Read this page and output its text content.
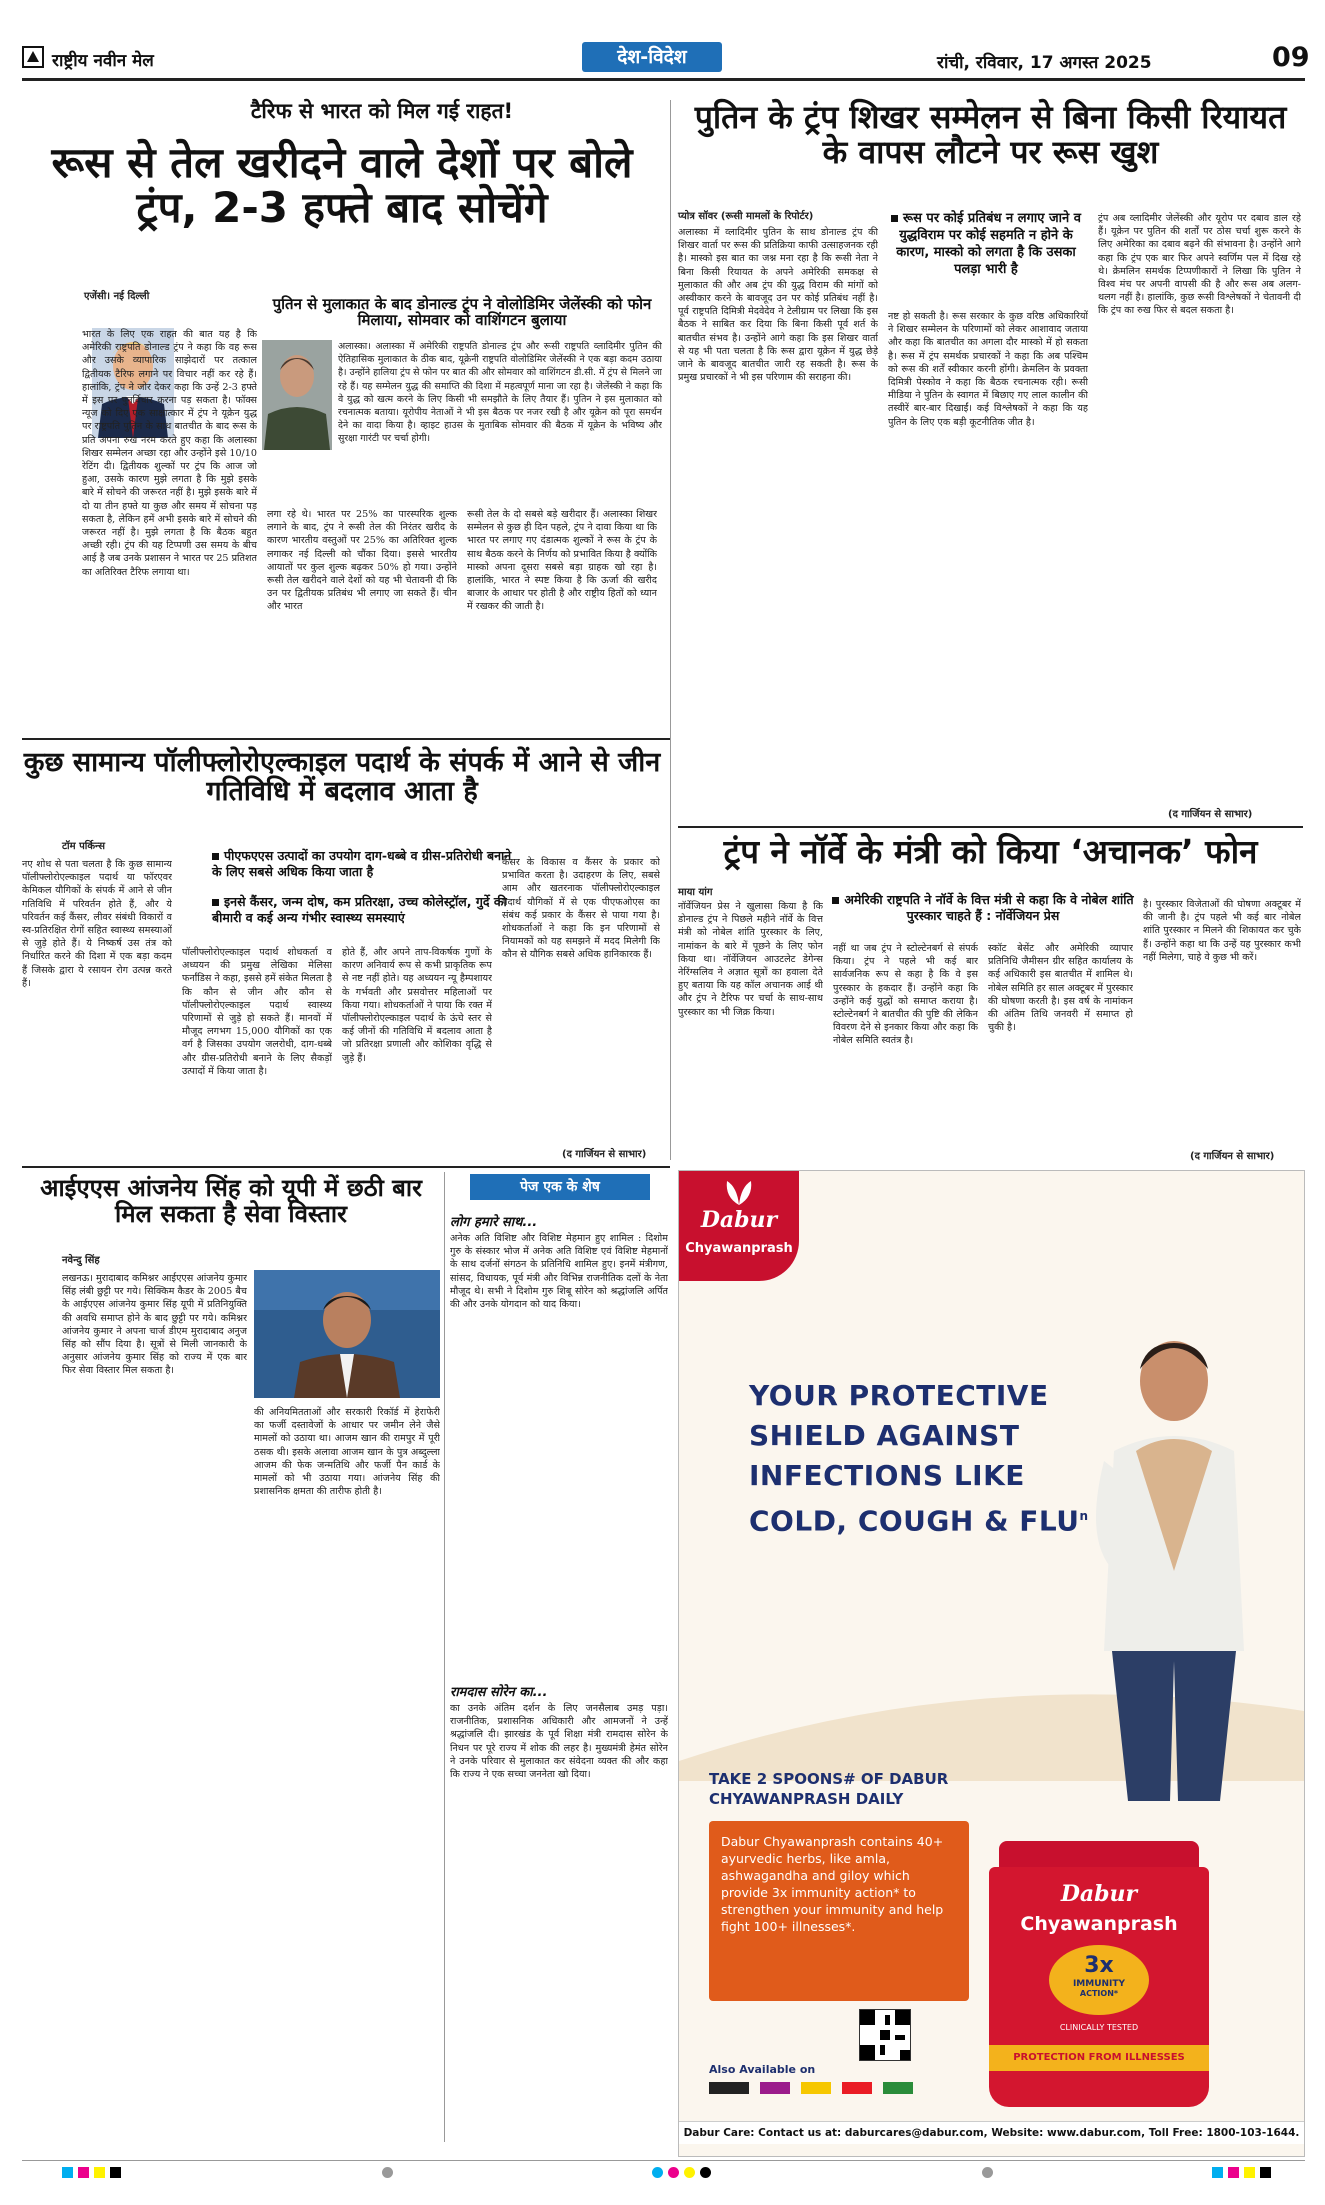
राष्ट्रीय नवीन मेल	देश-विदेश	रांची, रविवार, 17 अगस्त 2025	09
टैरिफ से भारत को मिल गई राहत!
रूस से तेल खरीदने वाले देशों पर बोले ट्रंप, 2-3 हफ्ते बाद सोचेंगे
एजेंसी। नई दिल्ली
भारत के लिए एक राहत की बात यह है कि अमेरिकी राष्ट्रपति डोनाल्ड ट्रंप ने कहा कि वह रूस और उसके व्यापारिक साझेदारों पर तत्काल द्वितीयक टैरिफ लगाने पर विचार नहीं कर रहे हैं। हालांकि, ट्रंप ने जोर देकर कहा कि उन्हें 2-3 हफ्ते में इस पर पुनर्विचार करना पड़ सकता है। फॉक्स न्यूज को दिए एक साक्षात्कार में ट्रंप ने यूक्रेन युद्ध पर राष्ट्रपति पुतिन के साथ बातचीत के बाद रूस के प्रति अपना रुख नरम करते हुए कहा कि अलास्का शिखर सम्मेलन अच्छा रहा और उन्होंने इसे 10/10 रेटिंग दी। द्वितीयक शुल्कों पर ट्रंप कि आज जो हुआ, उसके कारण मुझे लगता है कि मुझे इसके बारे में सोचने की जरूरत नहीं है। मुझे इसके बारे में दो या तीन हफ्ते या कुछ और समय में सोचना पड़ सकता है, लेकिन हमें अभी इसके बारे में सोचने की जरूरत नहीं है। मुझे लगता है कि बैठक बहुत अच्छी रही। ट्रंप की यह टिप्पणी उस समय के बीच आई है जब उनके प्रशासन ने भारत पर 25 प्रतिशत का अतिरिक्त टैरिफ लगाया था।
पुतिन से मुलाकात के बाद डोनाल्ड ट्रंप ने वोलोडिमिर जेलेंस्की को फोन मिलाया, सोमवार को वाशिंगटन बुलाया
अलास्का। अलास्का में अमेरिकी राष्ट्रपति डोनाल्ड ट्रंप और रूसी राष्ट्रपति व्लादिमीर पुतिन की ऐतिहासिक मुलाकात के ठीक बाद, यूक्रेनी राष्ट्रपति वोलोडिमिर जेलेंस्की ने एक बड़ा कदम उठाया है। उन्होंने हालिया ट्रंप से फोन पर बात की और सोमवार को वाशिंगटन डी.सी. में ट्रंप से मिलने जा रहे हैं। यह सम्मेलन युद्ध की समाप्ति की दिशा में महत्वपूर्ण माना जा रहा है। जेलेंस्की ने कहा कि वे युद्ध को खत्म करने के लिए किसी भी समझौते के लिए तैयार हैं। पुतिन ने इस मुलाकात को रचनात्मक बताया। यूरोपीय नेताओं ने भी इस बैठक पर नजर रखी है और यूक्रेन को पूरा समर्थन देने का वादा किया है। व्हाइट हाउस के मुताबिक सोमवार की बैठक में यूक्रेन के भविष्य और सुरक्षा गारंटी पर चर्चा होगी।
लगा रहे थे। भारत पर 25% का पारस्परिक शुल्क लगाने के बाद, ट्रंप ने रूसी तेल की निरंतर खरीद के कारण भारतीय वस्तुओं पर 25% का अतिरिक्त शुल्क लगाकर नई दिल्ली को चौंका दिया। इससे भारतीय आयातों पर कुल शुल्क बढ़कर 50% हो गया। उन्होंने रूसी तेल खरीदने वाले देशों को यह भी चेतावनी दी कि उन पर द्वितीयक प्रतिबंध भी लगाए जा सकते हैं। चीन और भारत
रूसी तेल के दो सबसे बड़े खरीदार हैं। अलास्का शिखर सम्मेलन से कुछ ही दिन पहले, ट्रंप ने दावा किया था कि भारत पर लगाए गए दंडात्मक शुल्कों ने रूस के ट्रंप के साथ बैठक करने के निर्णय को प्रभावित किया है क्योंकि मास्को अपना दूसरा सबसे बड़ा ग्राहक खो रहा है। हालांकि, भारत ने स्पष्ट किया है कि ऊर्जा की खरीद बाजार के आधार पर होती है और राष्ट्रीय हितों को ध्यान में रखकर की जाती है।
पुतिन के ट्रंप शिखर सम्मेलन से बिना किसी रियायत के वापस लौटने पर रूस खुश
प्योत्र सॉवर (रूसी मामलों के रिपोर्टर)
अलास्का में व्लादिमीर पुतिन के साथ डोनाल्ड ट्रंप की शिखर वार्ता पर रूस की प्रतिक्रिया काफी उत्साहजनक रही है। मास्को इस बात का जश्न मना रहा है कि रूसी नेता ने बिना किसी रियायत के अपने अमेरिकी समकक्ष से मुलाकात की और अब ट्रंप की युद्ध विराम की मांगों को अस्वीकार करने के बावजूद उन पर कोई प्रतिबंध नहीं है। पूर्व राष्ट्रपति दिमित्री मेदवेदेव ने टेलीग्राम पर लिखा कि इस बैठक ने साबित कर दिया कि बिना किसी पूर्व शर्त के बातचीत संभव है। उन्होंने आगे कहा कि इस शिखर वार्ता से यह भी पता चलता है कि रूस द्वारा यूक्रेन में युद्ध छेड़े जाने के बावजूद बातचीत जारी रह सकती है। रूस के प्रमुख प्रचारकों ने भी इस परिणाम की सराहना की।
रूस पर कोई प्रतिबंध न लगाए जाने व युद्धविराम पर कोई सहमति न होने के कारण, मास्को को लगता है कि उसका पलड़ा भारी है
नष्ट हो सकती है। रूस सरकार के कुछ वरिष्ठ अधिकारियों ने शिखर सम्मेलन के परिणामों को लेकर आशावाद जताया और कहा कि बातचीत का अगला दौर मास्को में हो सकता है। रूस में ट्रंप समर्थक प्रचारकों ने कहा कि अब पश्चिम को रूस की शर्तें स्वीकार करनी होंगी। क्रेमलिन के प्रवक्ता दिमित्री पेस्कोव ने कहा कि बैठक रचनात्मक रही। रूसी मीडिया ने पुतिन के स्वागत में बिछाए गए लाल कालीन की तस्वीरें बार-बार दिखाईं। कई विश्लेषकों ने कहा कि यह पुतिन के लिए एक बड़ी कूटनीतिक जीत है।
ट्रंप अब व्लादिमीर जेलेंस्की और यूरोप पर दबाव डाल रहे हैं। यूक्रेन पर पुतिन की शर्तों पर ठोस चर्चा शुरू करने के लिए अमेरिका का दबाव बढ़ने की संभावना है। उन्होंने आगे कहा कि ट्रंप एक बार फिर अपने स्वर्णिम पल में दिख रहे थे। क्रेमलिन समर्थक टिप्पणीकारों ने लिखा कि पुतिन ने विश्व मंच पर अपनी वापसी की है और रूस अब अलग-थलग नहीं है। हालांकि, कुछ रूसी विश्लेषकों ने चेतावनी दी कि ट्रंप का रुख फिर से बदल सकता है।
(द गार्जियन से साभार)
कुछ सामान्य पॉलीफ्लोरोएल्काइल पदार्थ के संपर्क में आने से जीन गतिविधि में बदलाव आता है
टॉम पर्किन्स
पीएफएएस उत्पादों का उपयोग दाग-धब्बे व ग्रीस-प्रतिरोधी बनाने के लिए सबसे अधिक किया जाता है
इनसे कैंसर, जन्म दोष, कम प्रतिरक्षा, उच्च कोलेस्ट्रॉल, गुर्दे की बीमारी व कई अन्य गंभीर स्वास्थ्य समस्याएं
नए शोध से पता चलता है कि कुछ सामान्य पॉलीफ्लोरोएल्काइल पदार्थ या फॉरएवर केमिकल यौगिकों के संपर्क में आने से जीन गतिविधि में परिवर्तन होते हैं, और ये परिवर्तन कई कैंसर, लीवर संबंधी विकारों व स्व-प्रतिरक्षित रोगों सहित स्वास्थ्य समस्याओं से जुड़े होते हैं। ये निष्कर्ष उस तंत्र को निर्धारित करने की दिशा में एक बड़ा कदम हैं जिसके द्वारा ये रसायन रोग उत्पन्न करते हैं।
पॉलीफ्लोरोएल्काइल पदार्थ शोधकर्ता व अध्ययन की प्रमुख लेखिका मेलिसा फर्नांडिस ने कहा, इससे हमें संकेत मिलता है कि कौन से जीन और कौन से पॉलीफ्लोरोएल्काइल पदार्थ स्वास्थ्य परिणामों से जुड़े हो सकते हैं। मानवों में मौजूद लगभग 15,000 यौगिकों का एक वर्ग है जिसका उपयोग जलरोधी, दाग-धब्बे और ग्रीस-प्रतिरोधी बनाने के लिए सैकड़ों उत्पादों में किया जाता है।
होते हैं, और अपने ताप-विकर्षक गुणों के कारण अनिवार्य रूप से कभी प्राकृतिक रूप से नष्ट नहीं होते। यह अध्ययन न्यू हैम्पशायर के गर्भवती और प्रसवोत्तर महिलाओं पर किया गया। शोधकर्ताओं ने पाया कि रक्त में पॉलीफ्लोरोएल्काइल पदार्थ के ऊंचे स्तर से कई जीनों की गतिविधि में बदलाव आता है जो प्रतिरक्षा प्रणाली और कोशिका वृद्धि से जुड़े हैं।
कैंसर के विकास व कैंसर के प्रकार को प्रभावित करता है। उदाहरण के लिए, सबसे आम और खतरनाक पॉलीफ्लोरोएल्काइल पदार्थ यौगिकों में से एक पीएफओएस का संबंध कई प्रकार के कैंसर से पाया गया है। शोधकर्ताओं ने कहा कि इन परिणामों से नियामकों को यह समझने में मदद मिलेगी कि कौन से यौगिक सबसे अधिक हानिकारक हैं।
(द गार्जियन से साभार)
ट्रंप ने नॉर्वे के मंत्री को किया ‘अचानक’ फोन
माया यांग	अमेरिकी राष्ट्रपति ने नॉर्वे के वित्त मंत्री से कहा कि वे नोबेल शांति पुरस्कार चाहते हैं : नॉर्वेजियन प्रेस
नॉर्वेजियन प्रेस ने खुलासा किया है कि डोनाल्ड ट्रंप ने पिछले महीने नॉर्वे के वित्त मंत्री को नोबेल शांति पुरस्कार के लिए, नामांकन के बारे में पूछने के लिए फोन किया था। नॉर्वेजियन आउटलेट डेगेन्स नेरिंग्सलिव ने अज्ञात सूत्रों का हवाला देते हुए बताया कि यह कॉल अचानक आई थी और ट्रंप ने टैरिफ पर चर्चा के साथ-साथ पुरस्कार का भी जिक्र किया।
नहीं था जब ट्रंप ने स्टोल्टेनबर्ग से संपर्क किया। ट्रंप ने पहले भी कई बार सार्वजनिक रूप से कहा है कि वे इस पुरस्कार के हकदार हैं। उन्होंने कहा कि उन्होंने कई युद्धों को समाप्त कराया है। स्टोल्टेनबर्ग ने बातचीत की पुष्टि की लेकिन विवरण देने से इनकार किया और कहा कि नोबेल समिति स्वतंत्र है।
स्कॉट बेसेंट और अमेरिकी व्यापार प्रतिनिधि जैमीसन ग्रीर सहित कार्यालय के कई अधिकारी इस बातचीत में शामिल थे। नोबेल समिति हर साल अक्टूबर में पुरस्कार की घोषणा करती है। इस वर्ष के नामांकन की अंतिम तिथि जनवरी में समाप्त हो चुकी है।
है। पुरस्कार विजेताओं की घोषणा अक्टूबर में की जानी है। ट्रंप पहले भी कई बार नोबेल शांति पुरस्कार न मिलने की शिकायत कर चुके हैं। उन्होंने कहा था कि उन्हें यह पुरस्कार कभी नहीं मिलेगा, चाहे वे कुछ भी करें।
(द गार्जियन से साभार)
आईएएस आंजनेय सिंह को यूपी में छठी बार मिल सकता है सेवा विस्तार
नवेन्दु सिंह
लखनऊ। मुरादाबाद कमिश्नर आईएएस आंजनेय कुमार सिंह लंबी छुट्टी पर गये। सिक्किम कैडर के 2005 बैच के आईएएस आंजनेय कुमार सिंह यूपी में प्रतिनियुक्ति की अवधि समाप्त होने के बाद छुट्टी पर गये। कमिश्नर आंजनेय कुमार ने अपना चार्ज डीएम मुरादाबाद अनुज सिंह को सौंप दिया है। सूत्रों से मिली जानकारी के अनुसार आंजनेय कुमार सिंह को राज्य में एक बार फिर सेवा विस्तार मिल सकता है।
की अनियमितताओं और सरकारी रिकॉर्ड में हेराफेरी का फर्जी दस्तावेजों के आधार पर जमीन लेने जैसे मामलों को उठाया था। आजम खान की रामपुर में पूरी ठसक थी। इसके अलावा आजम खान के पुत्र अब्दुल्ला आजम की फेक जन्मतिथि और फर्जी पैन कार्ड के मामलों को भी उठाया गया। आंजनेय सिंह की प्रशासनिक क्षमता की तारीफ होती है।
पेज एक के शेष
लोग हमारे साथ...
अनेक अति विशिष्ट और विशिष्ट मेहमान हुए शामिल : दिशोम गुरु के संस्कार भोज में अनेक अति विशिष्ट एवं विशिष्ट मेहमानों के साथ दर्जनों संगठन के प्रतिनिधि शामिल हुए। इनमें मंत्रीगण, सांसद, विधायक, पूर्व मंत्री और विभिन्न राजनीतिक दलों के नेता मौजूद थे। सभी ने दिशोम गुरु शिबू सोरेन को श्रद्धांजलि अर्पित की और उनके योगदान को याद किया।
रामदास सोरेन का...
का उनके अंतिम दर्शन के लिए जनसैलाब उमड़ पड़ा। राजनीतिक, प्रशासनिक अधिकारी और आमजनों ने उन्हें श्रद्धांजलि दी। झारखंड के पूर्व शिक्षा मंत्री रामदास सोरेन के निधन पर पूरे राज्य में शोक की लहर है। मुख्यमंत्री हेमंत सोरेन ने उनके परिवार से मुलाकात कर संवेदना व्यक्त की और कहा कि राज्य ने एक सच्चा जननेता खो दिया।
Dabur
Chyawanprash
YOUR PROTECTIVE SHIELD AGAINST INFECTIONS LIKE COLD, COUGH & FLU$^n$
TAKE 2 SPOONS# OF DABUR CHYAWANPRASH DAILY
Dabur Chyawanprash contains 40+ ayurvedic herbs, like amla, ashwagandha and giloy which provide 3x immunity action* to strengthen your immunity and help fight 100+ illnesses*.
Also Available on

Dabur
Chyawanprash
3x
IMMUNITY
ACTION*
CLINICALLY TESTED
PROTECTION FROM ILLNESSES
Dabur Care: Contact us at: daburcares@dabur.com, Website: www.dabur.com, Toll Free: 1800-103-1644.
